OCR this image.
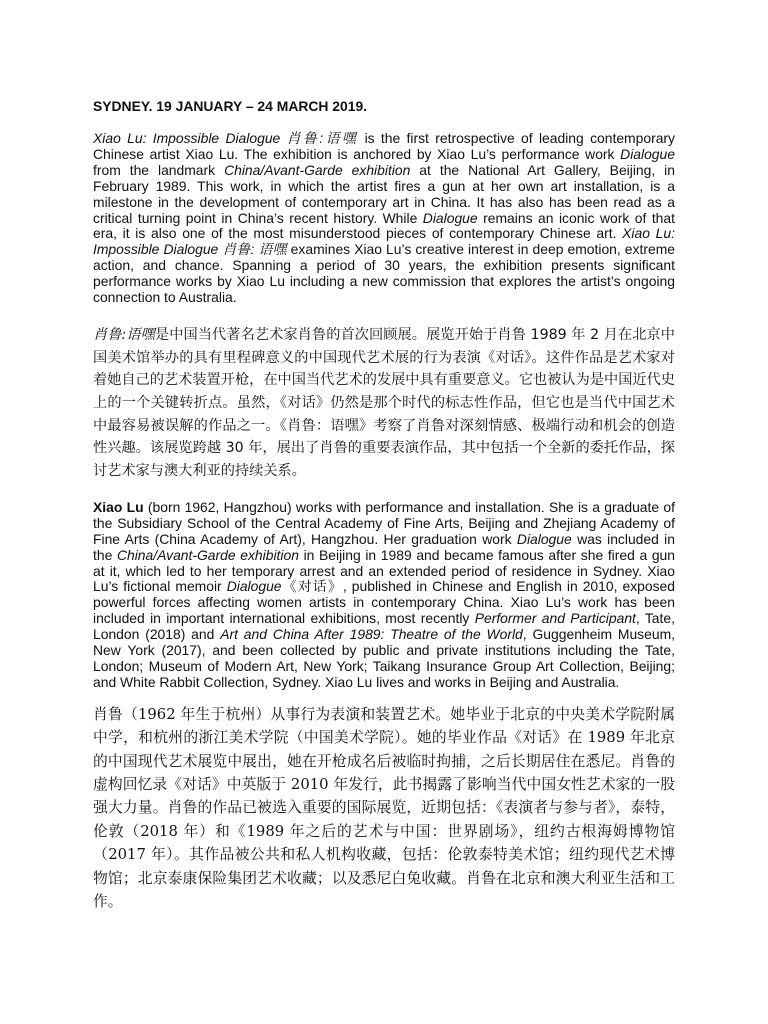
SYDNEY. 19 JANUARY – 24 MARCH 2019.

Xiao Lu: Impossible Dialogue 肖鲁:语嘿 is the first retrospective of leading contemporary Chinese artist Xiao Lu. The exhibition is anchored by Xiao Lu’s performance work Dialogue from the landmark China/Avant-Garde exhibition at the National Art Gallery, Beijing, in February 1989. This work, in which the artist fires a gun at her own art installation, is a milestone in the development of contemporary art in China. It has also has been read as a critical turning point in China’s recent history. While Dialogue remains an iconic work of that era, it is also one of the most misunderstood pieces of contemporary Chinese art. Xiao Lu: Impossible Dialogue 肖鲁: 语嘿 examines Xiao Lu’s creative interest in deep emotion, extreme action, and chance. Spanning a period of 30 years, the exhibition presents significant performance works by Xiao Lu including a new commission that explores the artist’s ongoing connection to Australia.

肖鲁:语嘿是中国当代著名艺术家肖鲁的首次回顾展。展览开始于肖鲁 1989 年 2 月在北京中国美术馆举办的具有里程碑意义的中国现代艺术展的行为表演《对话》。这件作品是艺术家对着她自己的艺术装置开枪，在中国当代艺术的发展中具有重要意义。它也被认为是中国近代史上的一个关键转折点。虽然，《对话》仍然是那个时代的标志性作品，但它也是当代中国艺术中最容易被误解的作品之一。《肖鲁：语嘿》考察了肖鲁对深刻情感、极端行动和机会的创造性兴趣。该展览跨越 30 年，展出了肖鲁的重要表演作品，其中包括一个全新的委托作品，探讨艺术家与澳大利亚的持续关系。

Xiao Lu (born 1962, Hangzhou) works with performance and installation. She is a graduate of the Subsidiary School of the Central Academy of Fine Arts, Beijing and Zhejiang Academy of Fine Arts (China Academy of Art), Hangzhou. Her graduation work Dialogue was included in the China/Avant-Garde exhibition in Beijing in 1989 and became famous after she fired a gun at it, which led to her temporary arrest and an extended period of residence in Sydney. Xiao Lu’s fictional memoir Dialogue《对话》, published in Chinese and English in 2010, exposed powerful forces affecting women artists in contemporary China. Xiao Lu’s work has been included in important international exhibitions, most recently Performer and Participant, Tate, London (2018) and Art and China After 1989: Theatre of the World, Guggenheim Museum, New York (2017), and been collected by public and private institutions including the Tate, London; Museum of Modern Art, New York; Taikang Insurance Group Art Collection, Beijing; and White Rabbit Collection, Sydney. Xiao Lu lives and works in Beijing and Australia.

肖鲁（1962 年生于杭州）从事行为表演和装置艺术。她毕业于北京的中央美术学院附属中学，和杭州的浙江美术学院（中国美术学院）。她的毕业作品《对话》在 1989 年北京的中国现代艺术展览中展出，她在开枪成名后被临时拘捕，之后长期居住在悉尼。肖鲁的虚构回忆录《对话》中英版于 2010 年发行，此书揭露了影响当代中国女性艺术家的一股强大力量。肖鲁的作品已被选入重要的国际展览，近期包括：《表演者与参与者》，泰特，伦敦（2018 年）和《1989 年之后的艺术与中国：世界剧场》，纽约古根海姆博物馆（2017 年）。其作品被公共和私人机构收藏，包括：伦敦泰特美术馆；纽约现代艺术博物馆；北京泰康保险集团艺术收藏；以及悉尼白兔收藏。肖鲁在北京和澳大利亚生活和工作。
